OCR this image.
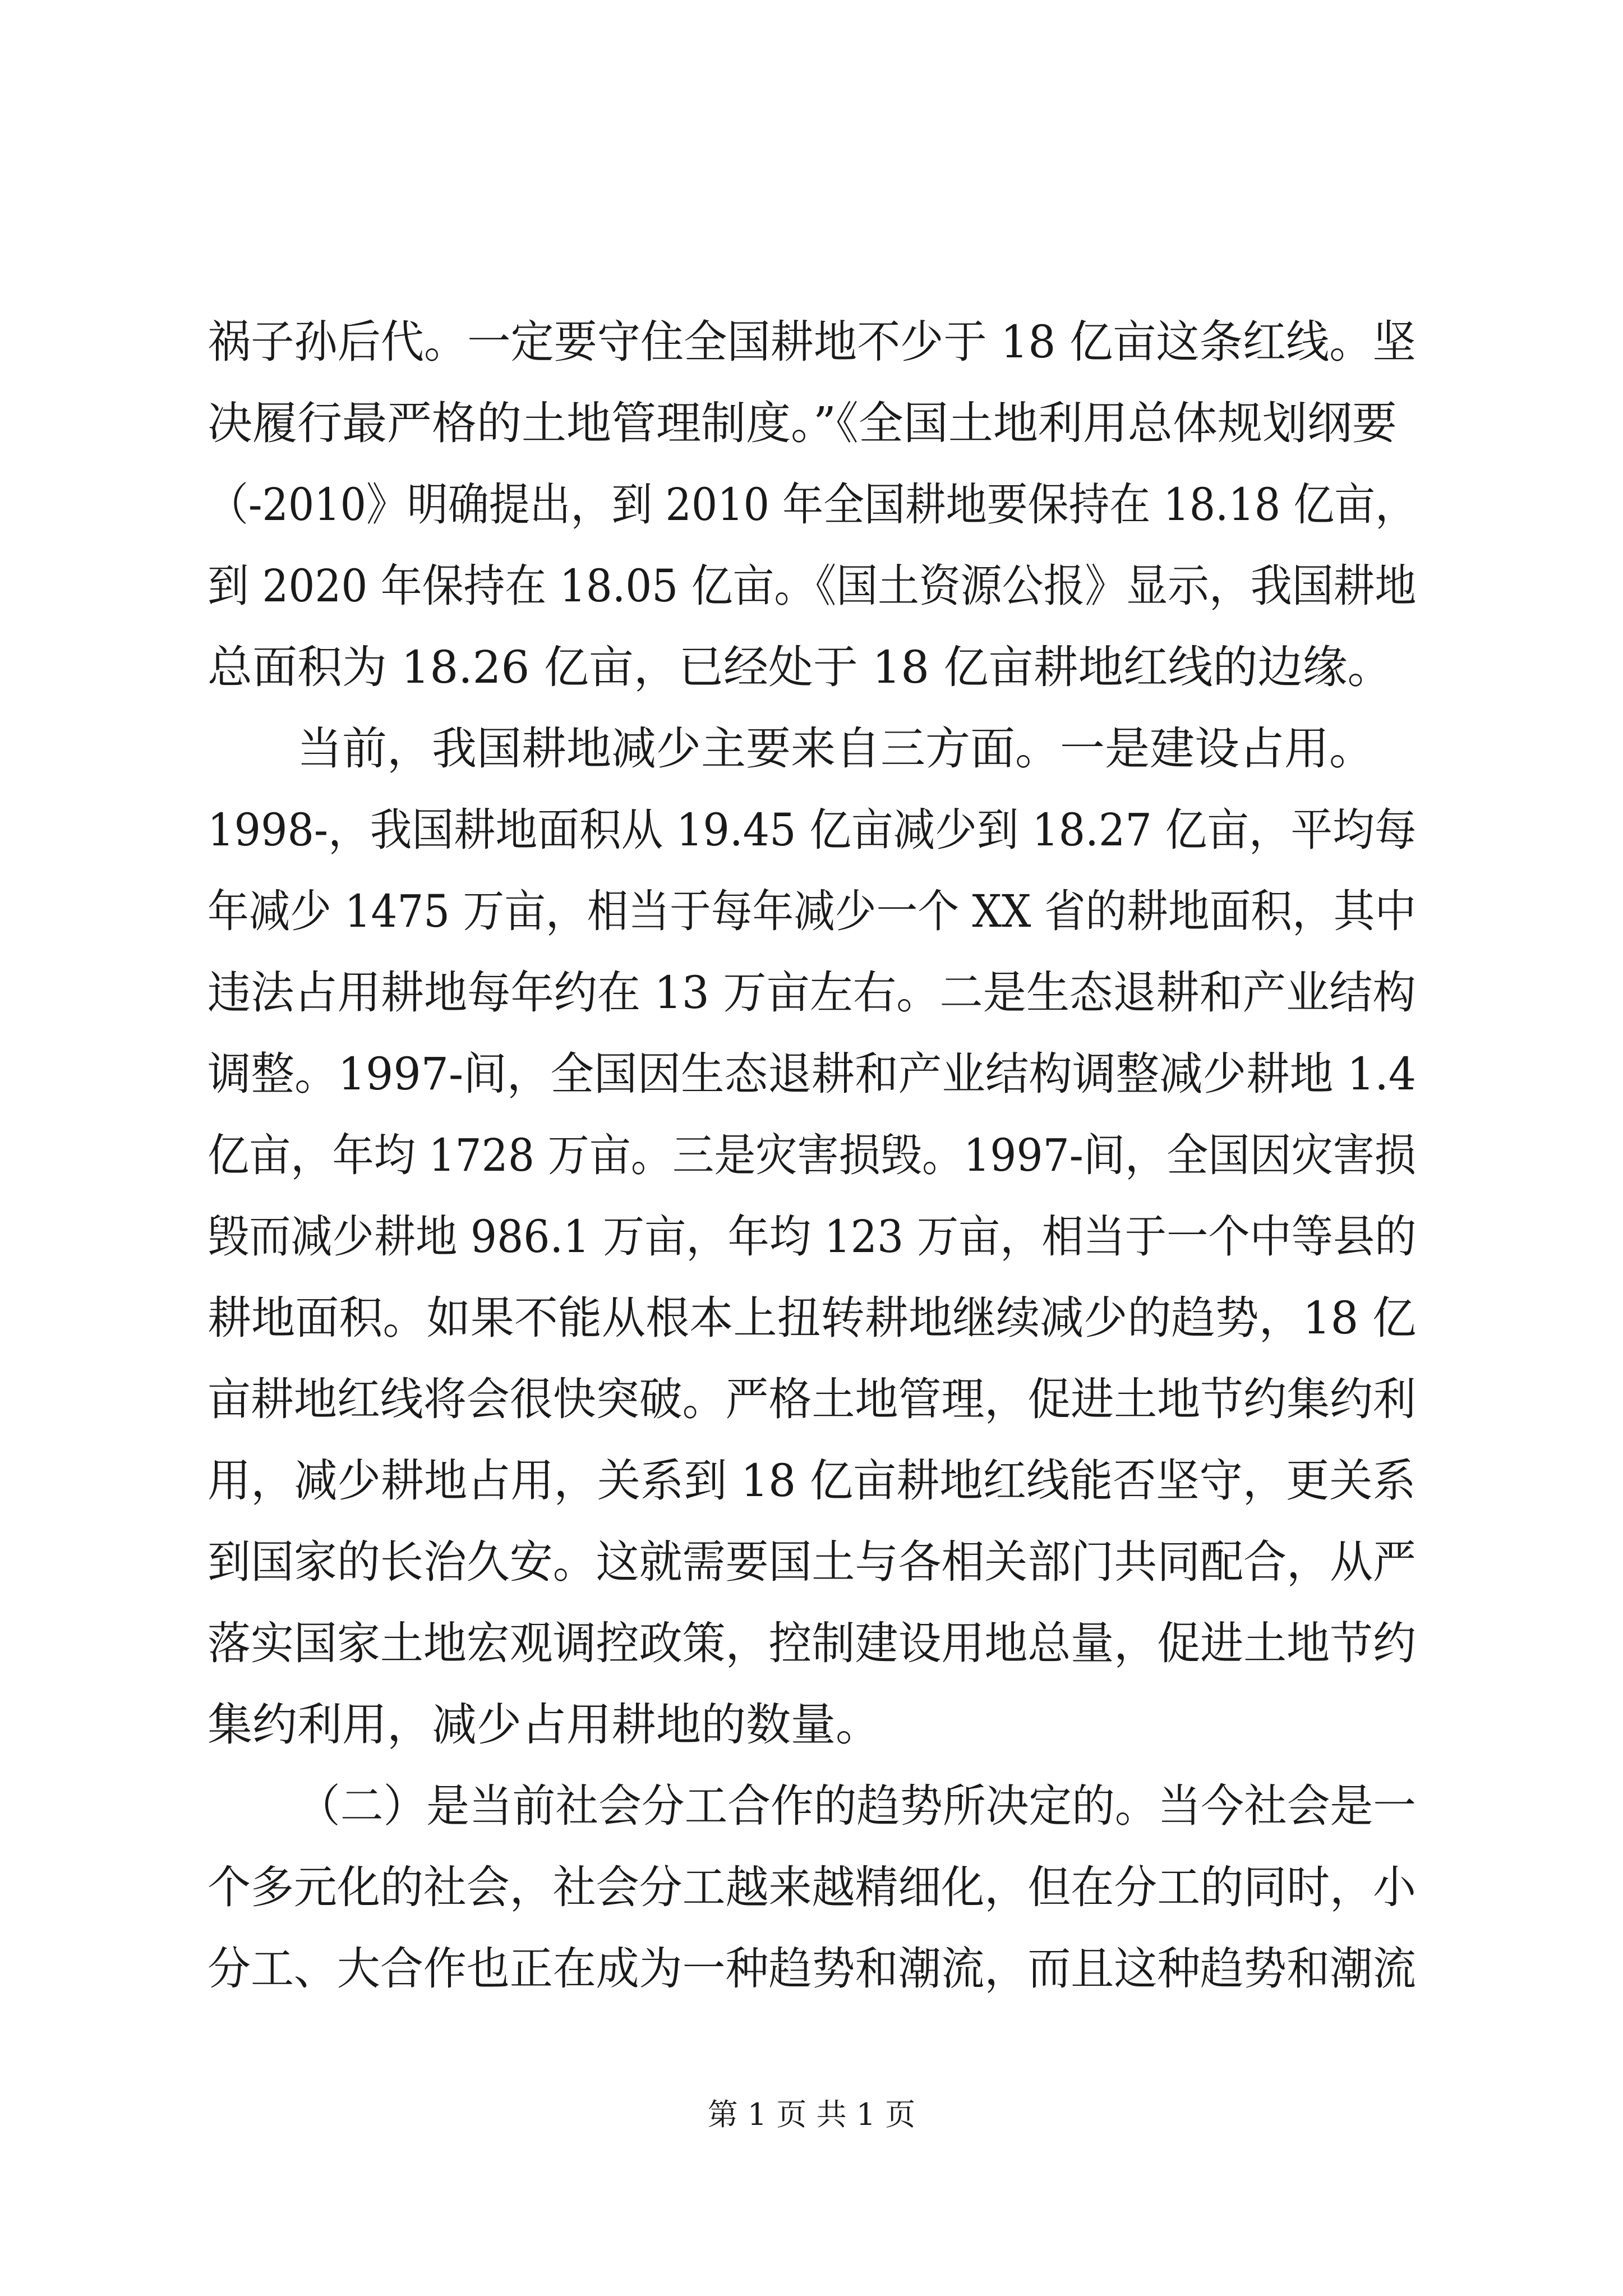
祸子孙后代。一定要守住全国耕地不少于 18 亿亩这条红线。坚
决履行最严格的土地管理制度。”《全国土地利用总体规划纲要
（-2010》明确提出，到 2010 年全国耕地要保持在 18.18 亿亩，
到 2020 年保持在 18.05 亿亩。《国土资源公报》显示，我国耕地
总面积为 18.26 亿亩，已经处于 18 亿亩耕地红线的边缘。
当前，我国耕地减少主要来自三方面。一是建设占用。
1998-，我国耕地面积从 19.45 亿亩减少到 18.27 亿亩，平均每
年减少 1475 万亩，相当于每年减少一个 XX 省的耕地面积，其中
违法占用耕地每年约在 13 万亩左右。二是生态退耕和产业结构
调整。1997-间，全国因生态退耕和产业结构调整减少耕地 1.4
亿亩，年均 1728 万亩。三是灾害损毁。1997-间，全国因灾害损
毁而减少耕地 986.1 万亩，年均 123 万亩，相当于一个中等县的
耕地面积。如果不能从根本上扭转耕地继续减少的趋势，18 亿
亩耕地红线将会很快突破。严格土地管理，促进土地节约集约利
用，减少耕地占用，关系到 18 亿亩耕地红线能否坚守，更关系
到国家的长治久安。这就需要国土与各相关部门共同配合，从严
落实国家土地宏观调控政策，控制建设用地总量，促进土地节约
集约利用，减少占用耕地的数量。
（二）是当前社会分工合作的趋势所决定的。当今社会是一
个多元化的社会，社会分工越来越精细化，但在分工的同时，小
分工、大合作也正在成为一种趋势和潮流，而且这种趋势和潮流
第 1 页 共 1 页
